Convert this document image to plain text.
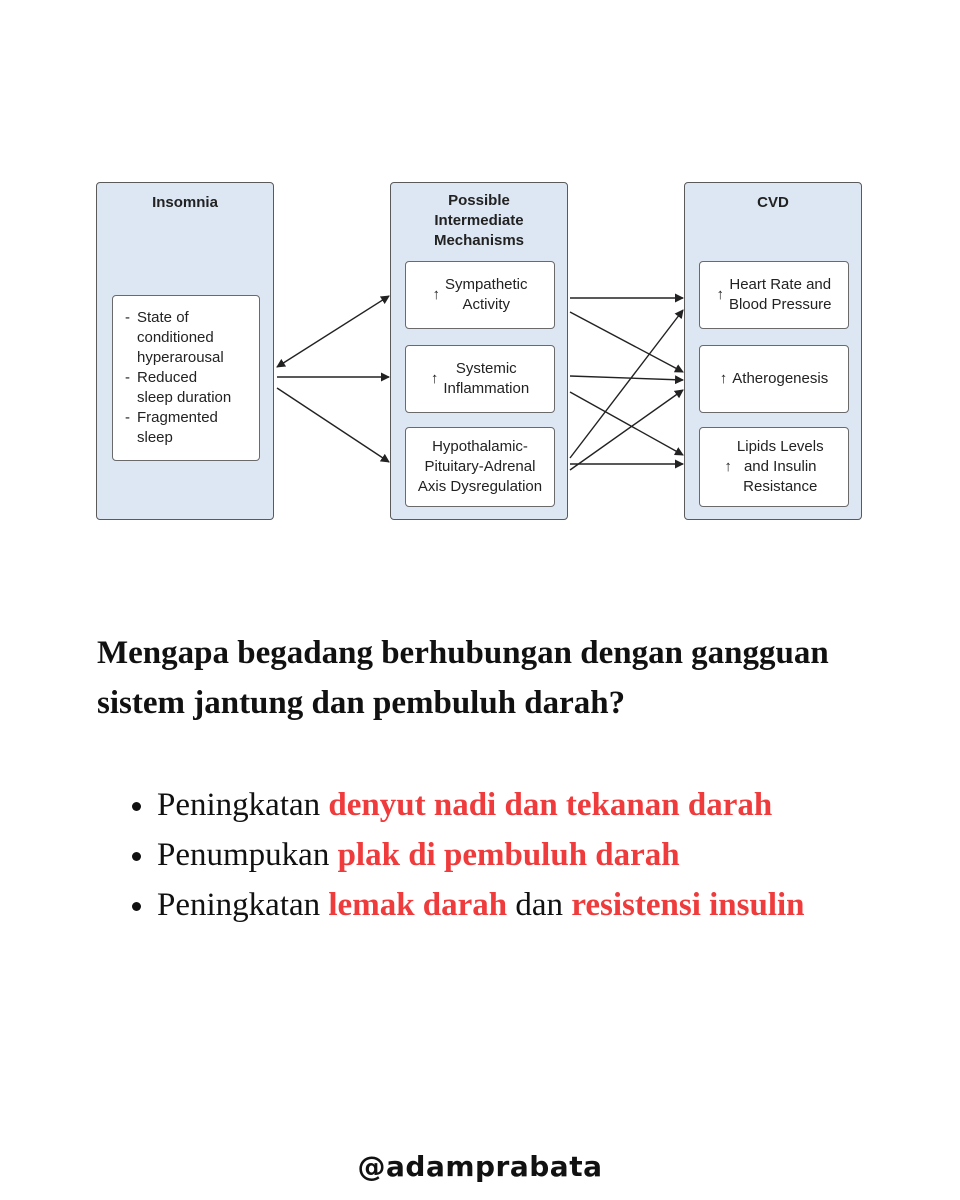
Insomnia
- State of
conditioned
hyperarousal
- Reduced
sleep duration
- Fragmented
sleep
Possible
Intermediate
Mechanisms
↑
Sympathetic
Activity
↑
Systemic
Inflammation
Hypothalamic-
Pituitary-Adrenal
Axis Dysregulation
CVD
↑
Heart Rate and
Blood Pressure
↑ Atherogenesis
↑
Lipids Levels
and Insulin
Resistance
Mengapa begadang berhubungan dengan gangguan sistem jantung dan pembuluh darah?
• Peningkatan denyut nadi dan tekanan darah
• Penumpukan plak di pembuluh darah
• Peningkatan lemak darah dan resistensi insulin
@adamprabata
